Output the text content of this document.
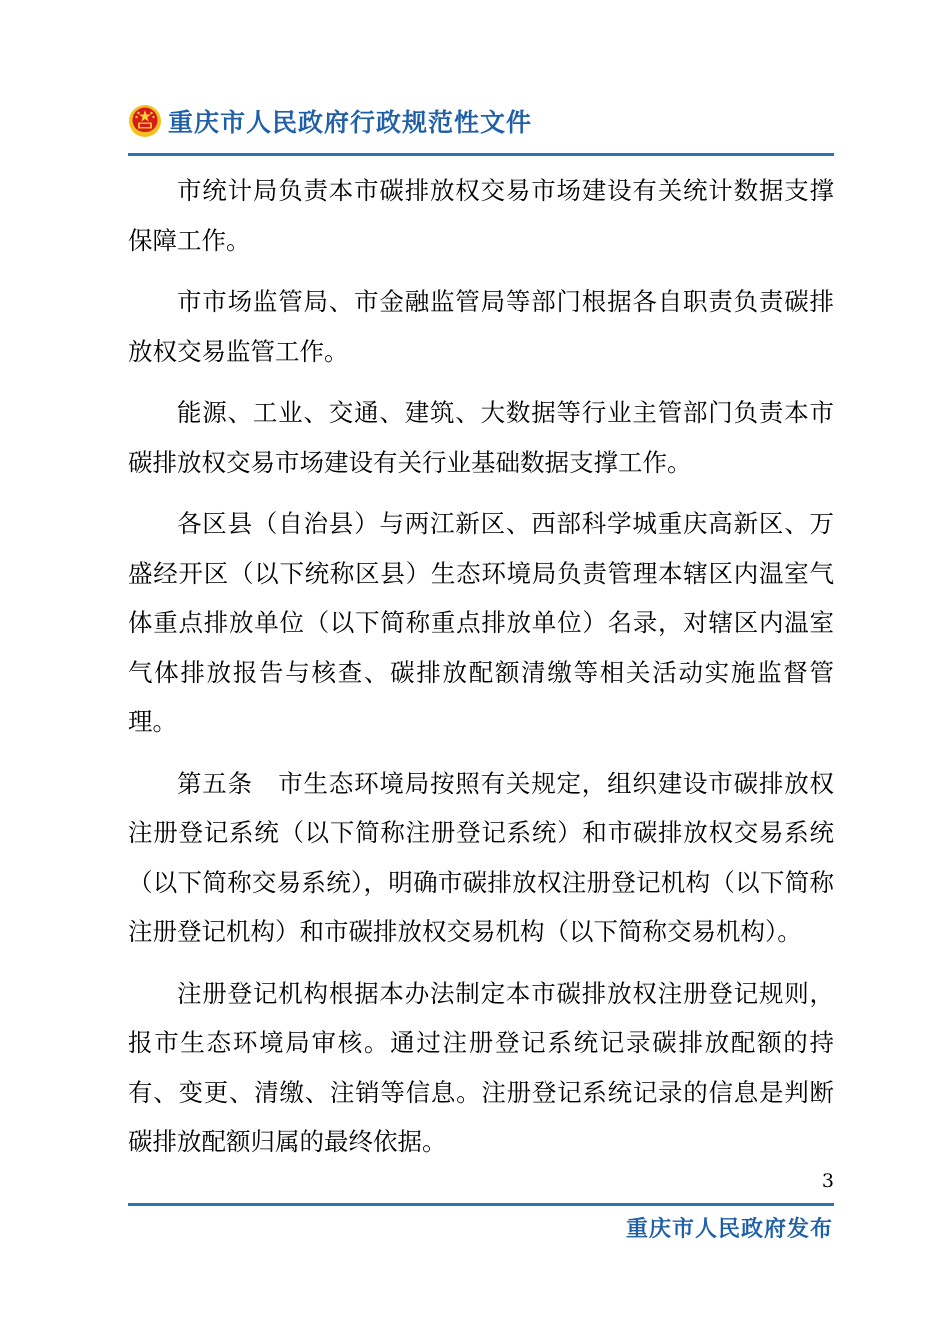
重庆市人民政府行政规范性文件

市统计局负责本市碳排放权交易市场建设有关统计数据支撑保障工作。

市市场监管局、市金融监管局等部门根据各自职责负责碳排放权交易监管工作。

能源、工业、交通、建筑、大数据等行业主管部门负责本市碳排放权交易市场建设有关行业基础数据支撑工作。

各区县（自治县）与两江新区、西部科学城重庆高新区、万盛经开区（以下统称区县）生态环境局负责管理本辖区内温室气体重点排放单位（以下简称重点排放单位）名录，对辖区内温室气体排放报告与核查、碳排放配额清缴等相关活动实施监督管理。

第五条　市生态环境局按照有关规定，组织建设市碳排放权注册登记系统（以下简称注册登记系统）和市碳排放权交易系统（以下简称交易系统），明确市碳排放权注册登记机构（以下简称注册登记机构）和市碳排放权交易机构（以下简称交易机构）。

注册登记机构根据本办法制定本市碳排放权注册登记规则，报市生态环境局审核。通过注册登记系统记录碳排放配额的持有、变更、清缴、注销等信息。注册登记系统记录的信息是判断碳排放配额归属的最终依据。

3
重庆市人民政府发布
